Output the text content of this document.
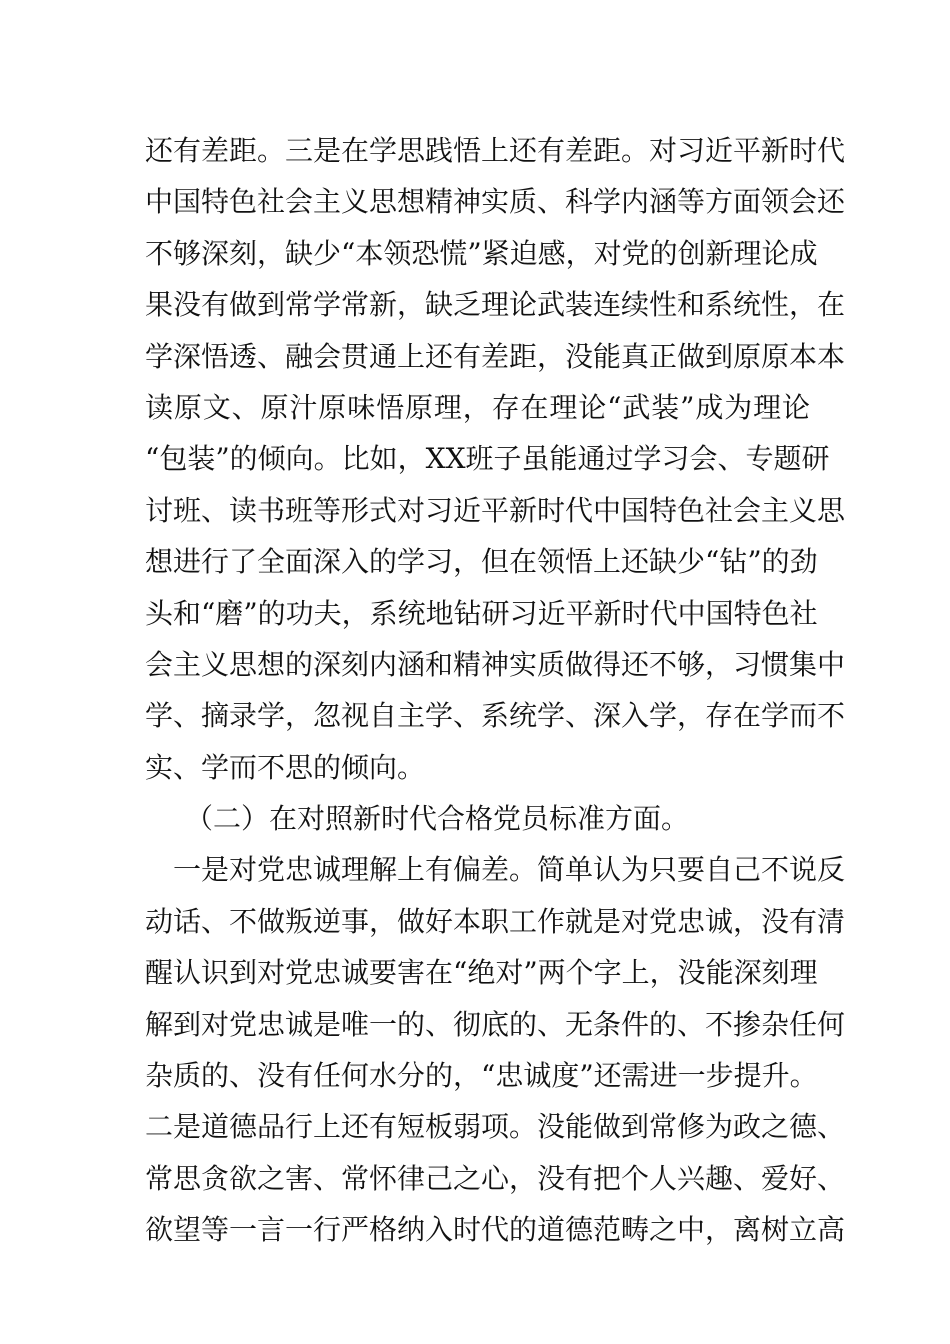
还有差距。三是在学思践悟上还有差距。对习近平新时代
中国特色社会主义思想精神实质、科学内涵等方面领会还
不够深刻，缺少“本领恐慌”紧迫感，对党的创新理论成
果没有做到常学常新，缺乏理论武装连续性和系统性，在
学深悟透、融会贯通上还有差距，没能真正做到原原本本
读原文、原汁原味悟原理，存在理论“武装”成为理论
“包装”的倾向。比如，XX班子虽能通过学习会、专题研
讨班、读书班等形式对习近平新时代中国特色社会主义思
想进行了全面深入的学习，但在领悟上还缺少“钻”的劲
头和“磨”的功夫，系统地钻研习近平新时代中国特色社
会主义思想的深刻内涵和精神实质做得还不够，习惯集中
学、摘录学，忽视自主学、系统学、深入学，存在学而不
实、学而不思的倾向。
（二）在对照新时代合格党员标准方面。
一是对党忠诚理解上有偏差。简单认为只要自己不说反
动话、不做叛逆事，做好本职工作就是对党忠诚，没有清
醒认识到对党忠诚要害在“绝对”两个字上，没能深刻理
解到对党忠诚是唯一的、彻底的、无条件的、不掺杂任何
杂质的、没有任何水分的，“忠诚度”还需进一步提升。
二是道德品行上还有短板弱项。没能做到常修为政之德、
常思贪欲之害、常怀律己之心，没有把个人兴趣、爱好、
欲望等一言一行严格纳入时代的道德范畴之中，离树立高
